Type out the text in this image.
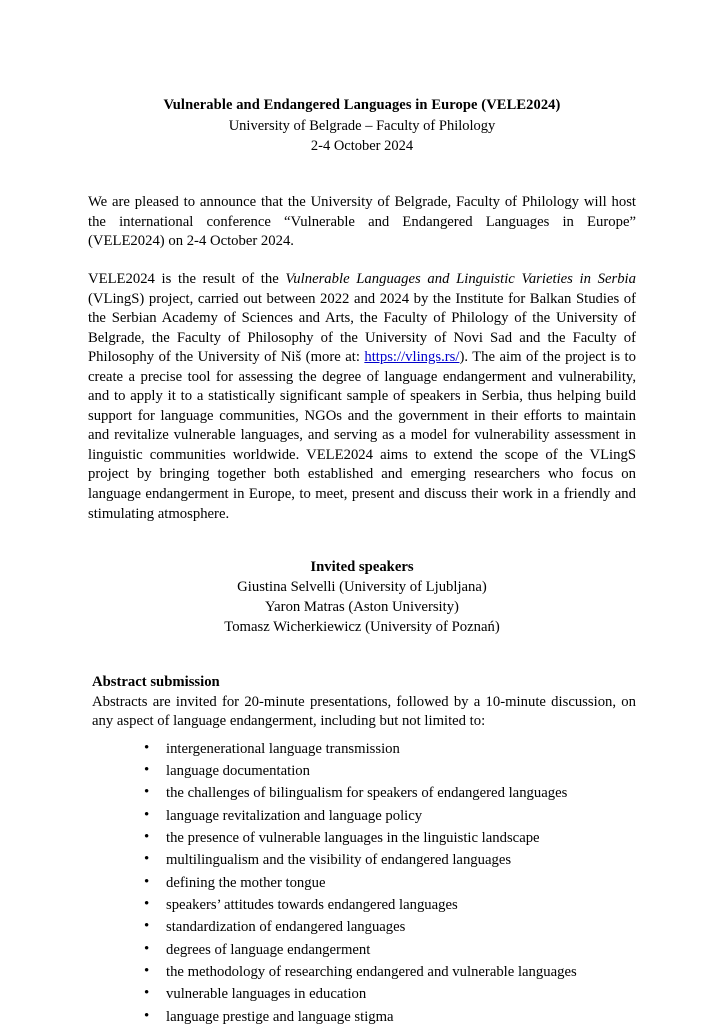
Vulnerable and Endangered Languages in Europe (VELE2024)
University of Belgrade – Faculty of Philology
2-4 October 2024

We are pleased to announce that the University of Belgrade, Faculty of Philology will host the international conference “Vulnerable and Endangered Languages in Europe” (VELE2024) on 2-4 October 2024.

VELE2024 is the result of the Vulnerable Languages and Linguistic Varieties in Serbia (VLingS) project, carried out between 2022 and 2024 by the Institute for Balkan Studies of the Serbian Academy of Sciences and Arts, the Faculty of Philology of the University of Belgrade, the Faculty of Philosophy of the University of Novi Sad and the Faculty of Philosophy of the University of Niš (more at: https://vlings.rs/). The aim of the project is to create a precise tool for assessing the degree of language endangerment and vulnerability, and to apply it to a statistically significant sample of speakers in Serbia, thus helping build support for language communities, NGOs and the government in their efforts to maintain and revitalize vulnerable languages, and serving as a model for vulnerability assessment in linguistic communities worldwide. VELE2024 aims to extend the scope of the VLingS project by bringing together both established and emerging researchers who focus on language endangerment in Europe, to meet, present and discuss their work in a friendly and stimulating atmosphere.

Invited speakers
Giustina Selvelli (University of Ljubljana)
Yaron Matras (Aston University)
Tomasz Wicherkiewicz (University of Poznań)
Abstract submission
Abstracts are invited for 20-minute presentations, followed by a 10-minute discussion, on any aspect of language endangerment, including but not limited to:
• intergenerational language transmission
• language documentation
• the challenges of bilingualism for speakers of endangered languages
• language revitalization and language policy
• the presence of vulnerable languages in the linguistic landscape
• multilingualism and the visibility of endangered languages
• defining the mother tongue
• speakers’ attitudes towards endangered languages
• standardization of endangered languages
• degrees of language endangerment
• the methodology of researching endangered and vulnerable languages
• vulnerable languages in education
• language prestige and language stigma
